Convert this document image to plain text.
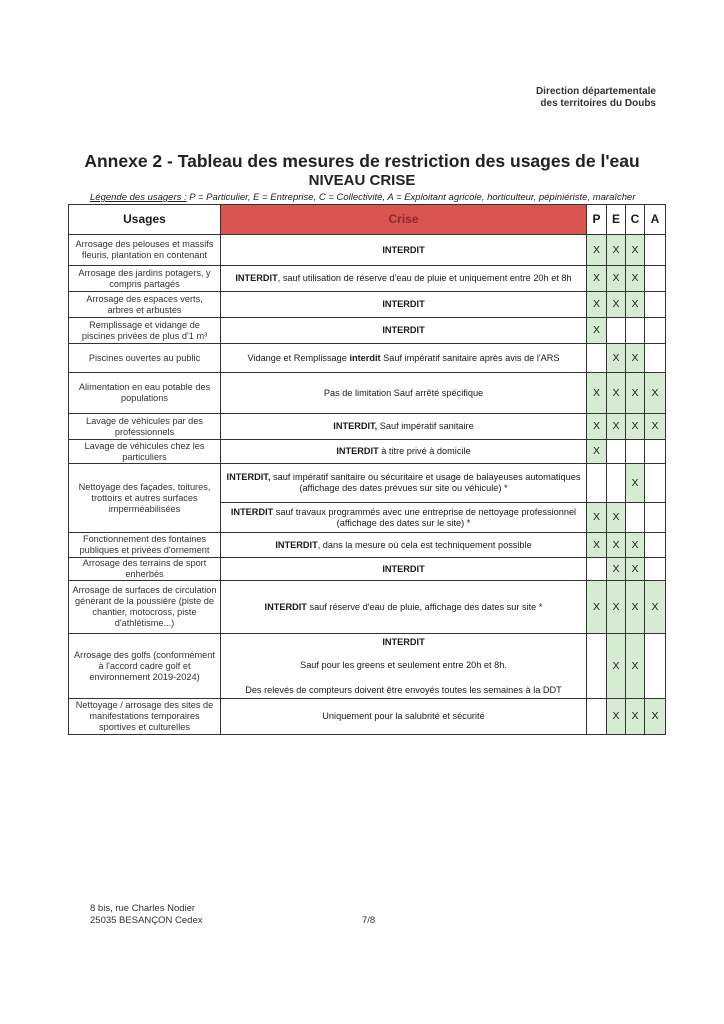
Direction départementale
des territoires du Doubs
Annexe 2 - Tableau des mesures de restriction des usages de l'eau
NIVEAU CRISE
Légende des usagers : P = Particulier, E = Entreprise, C = Collectivité, A = Exploitant agricole, horticulteur, pépiniériste, maraîcher
Usages	Crise	P	E	C	A
Arrosage des pelouses et massifs fleuris, plantation en contenant	INTERDIT	X	X	X	
Arrosage des jardins potagers, y compris partagés	INTERDIT, sauf utilisation de réserve d'eau de pluie et uniquement entre 20h et 8h	X	X	X	
Arrosage des espaces verts, arbres et arbustes	INTERDIT	X	X	X	
Remplissage et vidange de piscines privées de plus d'1 m³	INTERDIT	X			
Piscines ouvertes au public	Vidange et Remplissage interdit Sauf impératif sanitaire après avis de l'ARS		X	X	
Alimentation en eau potable des populations	Pas de limitation Sauf arrêté spécifique	X	X	X	X
Lavage de véhicules par des professionnels	INTERDIT, Sauf impératif sanitaire	X	X	X	X
Lavage de véhicules chez les particuliers	INTERDIT à titre privé à domicile	X			
Nettoyage des façades, toitures, trottoirs et autres surfaces imperméabilisées	INTERDIT, sauf impératif sanitaire ou sécuritaire et usage de balayeuses automatiques (affichage des dates prévues sur site ou véhicule) *			X	
	INTERDIT sauf travaux programmés avec une entreprise de nettoyage professionnel (affichage des dates sur le site) *	X	X		
Fonctionnement des fontaines publiques et privées d'ornement	INTERDIT, dans la mesure où cela est techniquement possible	X	X	X	
Arrosage des terrains de sport enherbés	INTERDIT		X	X	
Arrosage de surfaces de circulation générant de la poussière (piste de chantier, motocross, piste d'athlétisme...)	INTERDIT sauf réserve d'eau de pluie, affichage des dates sur site *	X	X	X	X
Arrosage des golfs (conformément à l'accord cadre golf et environnement 2019-2024)	INTERDIT
Sauf pour les greens et seulement entre 20h et 8h.
Des relevés de compteurs doivent être envoyés toutes les semaines à la DDT		X	X	
Nettoyage / arrosage des sites de manifestations temporaires sportives et culturelles	Uniquement pour la salubrité et sécurité		X	X	X
8 bis, rue Charles Nodier
25035 BESANÇON Cedex	7/8
